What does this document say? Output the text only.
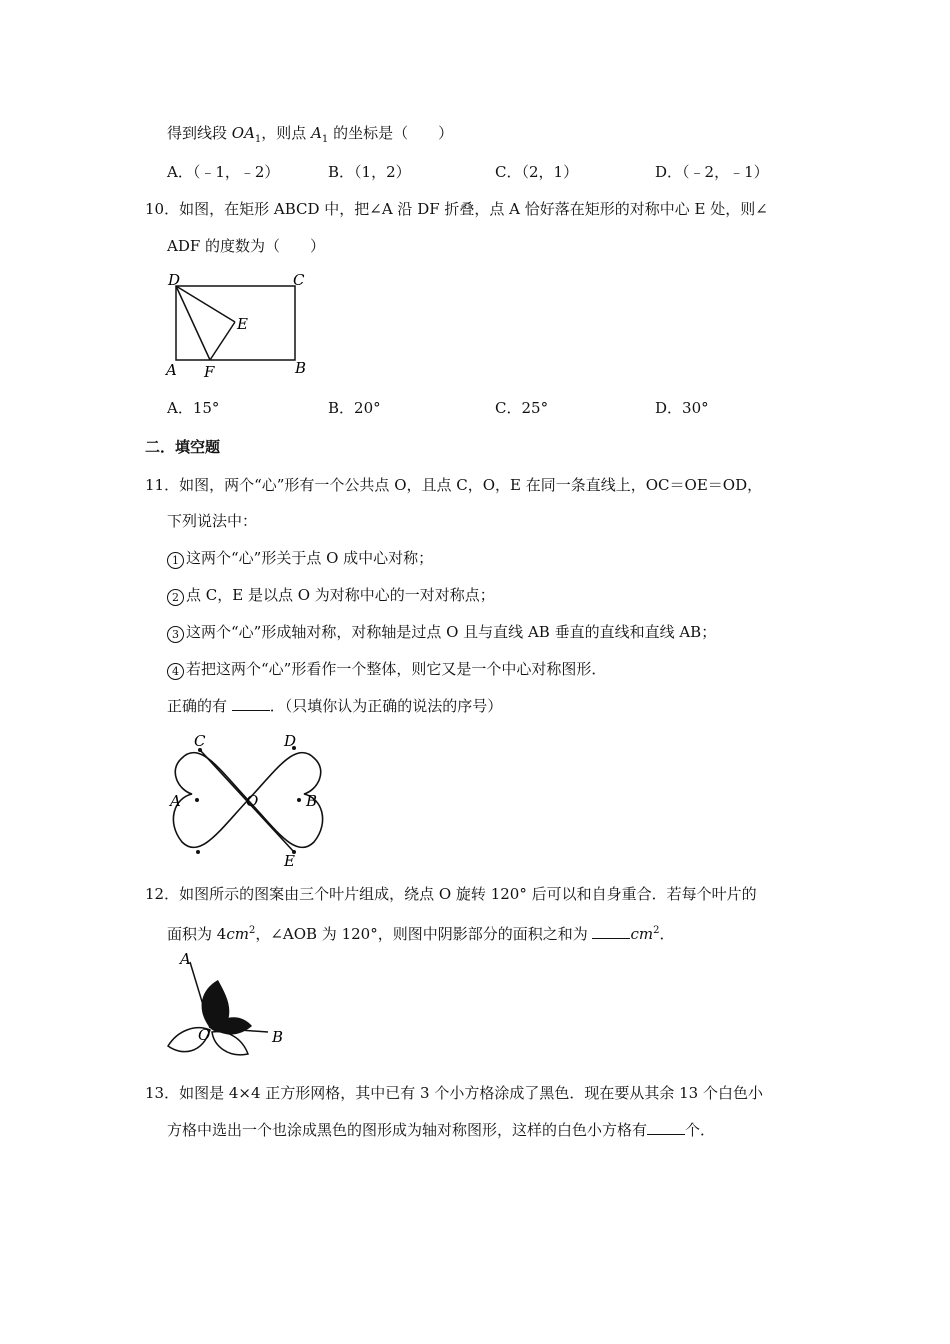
得到线段 $OA_1$，则点 $A_1$ 的坐标是（　　）
A．（﹣1，﹣2）	B．（1，2）	C．（2，1）	D．（﹣2，﹣1）
10．如图，在矩形 ABCD 中，把∠A 沿 DF 折叠，点 A 恰好落在矩形的对称中心 E 处，则∠
ADF 的度数为（　　）
D	C
E
A F	B
A．15°	B．20°	C．25°	D．30°
二．填空题
11．如图，两个“心”形有一个公共点 O，且点 C，O，E 在同一条直线上，OC＝OE＝OD，
下列说法中：
1 这两个“心”形关于点 O 成中心对称；
2 点 C，E 是以点 O 为对称中心的一对对称点；
3 这两个“心”形成轴对称，对称轴是过点 O 且与直线 AB 垂直的直线和直线 AB；
4 若把这两个“心”形看作一个整体，则它又是一个中心对称图形．
正确的有	．（只填你认为正确的说法的序号）
C	D
A	O	B
E
12．如图所示的图案由三个叶片组成，绕点 O 旋转 120° 后可以和自身重合．若每个叶片的
面积为 $4cm^2$，∠AOB 为 120°，则图中阴影部分的面积之和为	$cm^2$．
A
O	B
13．如图是 4×4 正方形网格，其中已有 3 个小方格涂成了黑色．现在要从其余 13 个白色小
方格中选出一个也涂成黑色的图形成为轴对称图形，这样的白色小方格有	个．
